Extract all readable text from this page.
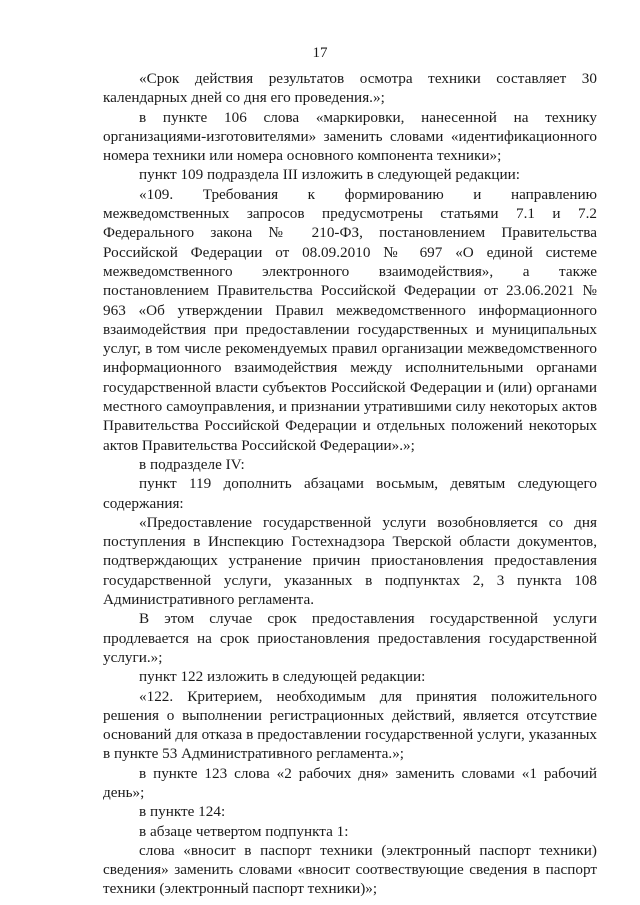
17

«Срок действия результатов осмотра техники составляет 30 календарных дней со дня его проведения.»;

в пункте 106 слова «маркировки, нанесенной на технику организациями-изготовителями» заменить словами «идентификационного номера техники или номера основного компонента техники»;

пункт 109 подраздела III изложить в следующей редакции:

«109. Требования к формированию и направлению межведомственных запросов предусмотрены статьями 7.1 и 7.2 Федерального закона № 210-ФЗ, постановлением Правительства Российской Федерации от 08.09.2010 № 697 «О единой системе межведомственного электронного взаимодействия», а также постановлением Правительства Российской Федерации от 23.06.2021 № 963 «Об утверждении Правил межведомственного информационного взаимодействия при предоставлении государственных и муниципальных услуг, в том числе рекомендуемых правил организации межведомственного информационного взаимодействия между исполнительными органами государственной власти субъектов Российской Федерации и (или) органами местного самоуправления, и признании утратившими силу некоторых актов Правительства Российской Федерации и отдельных положений некоторых актов Правительства Российской Федерации».»;

в подразделе IV:

пункт 119 дополнить абзацами восьмым, девятым следующего содержания:

«Предоставление государственной услуги возобновляется со дня поступления в Инспекцию Гостехнадзора Тверской области документов, подтверждающих устранение причин приостановления предоставления государственной услуги, указанных в подпунктах 2, 3 пункта 108 Административного регламента.

В этом случае срок предоставления государственной услуги продлевается на срок приостановления предоставления государственной услуги.»;

пункт 122 изложить в следующей редакции:

«122. Критерием, необходимым для принятия положительного решения о выполнении регистрационных действий, является отсутствие оснований для отказа в предоставлении государственной услуги, указанных в пункте 53 Административного регламента.»;

в пункте 123 слова «2 рабочих дня» заменить словами «1 рабочий день»;

в пункте 124:

в абзаце четвертом подпункта 1:

слова «вносит в паспорт техники (электронный паспорт техники) сведения» заменить словами «вносит соотвествующие сведения в паспорт техники (электронный паспорт техники)»;
